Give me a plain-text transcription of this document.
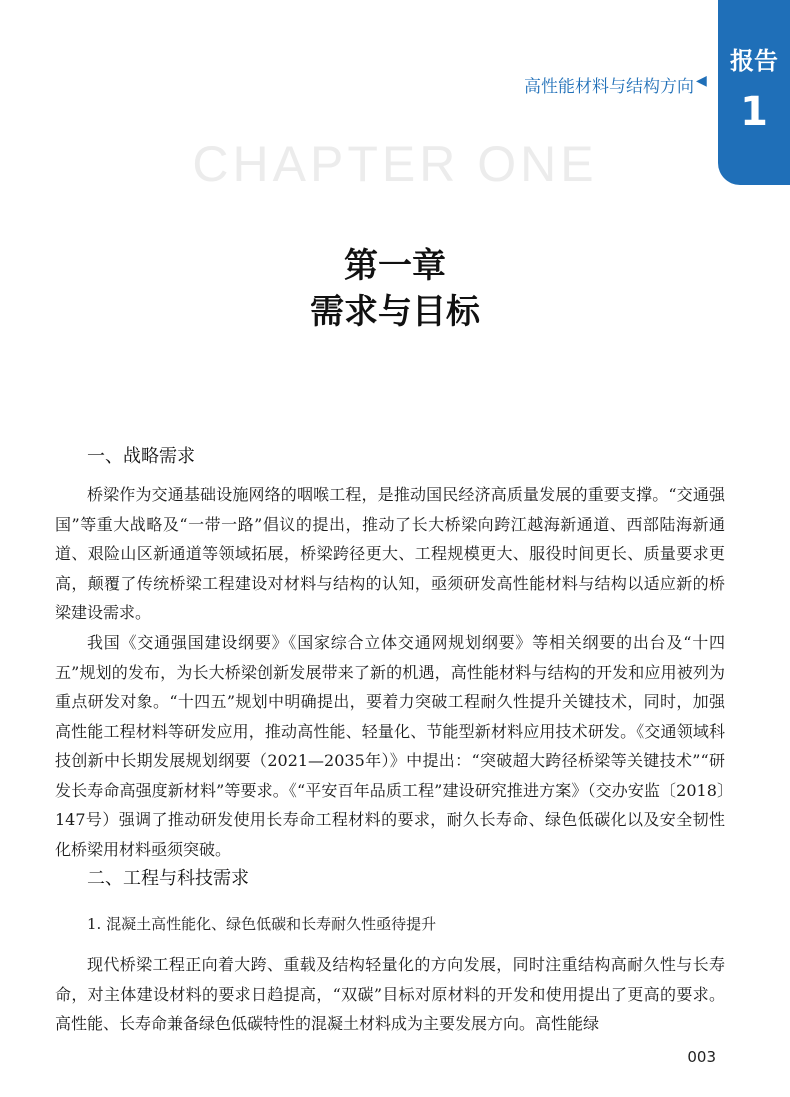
报告
1
高性能材料与结构方向 ◀
CHAPTER ONE
第一章
需求与目标
一、战略需求

桥梁作为交通基础设施网络的咽喉工程，是推动国民经济高质量发展的重要支撑。“交通强国”等重大战略及“一带一路”倡议的提出，推动了长大桥梁向跨江越海新通道、西部陆海新通道、艰险山区新通道等领域拓展，桥梁跨径更大、工程规模更大、服役时间更长、质量要求更高，颠覆了传统桥梁工程建设对材料与结构的认知，亟须研发高性能材料与结构以适应新的桥梁建设需求。

我国《交通强国建设纲要》《国家综合立体交通网规划纲要》等相关纲要的出台及“十四五”规划的发布，为长大桥梁创新发展带来了新的机遇，高性能材料与结构的开发和应用被列为重点研发对象。“十四五”规划中明确提出，要着力突破工程耐久性提升关键技术，同时，加强高性能工程材料等研发应用，推动高性能、轻量化、节能型新材料应用技术研发。《交通领域科技创新中长期发展规划纲要（2021—2035年）》中提出：“突破超大跨径桥梁等关键技术”“研发长寿命高强度新材料”等要求。《“平安百年品质工程”建设研究推进方案》（交办安监〔2018〕147号）强调了推动研发使用长寿命工程材料的要求，耐久长寿命、绿色低碳化以及安全韧性化桥梁用材料亟须突破。

二、工程与科技需求
1. 混凝土高性能化、绿色低碳和长寿耐久性亟待提升

现代桥梁工程正向着大跨、重载及结构轻量化的方向发展，同时注重结构高耐久性与长寿命，对主体建设材料的要求日趋提高，“双碳”目标对原材料的开发和使用提出了更高的要求。高性能、长寿命兼备绿色低碳特性的混凝土材料成为主要发展方向。高性能绿

003
